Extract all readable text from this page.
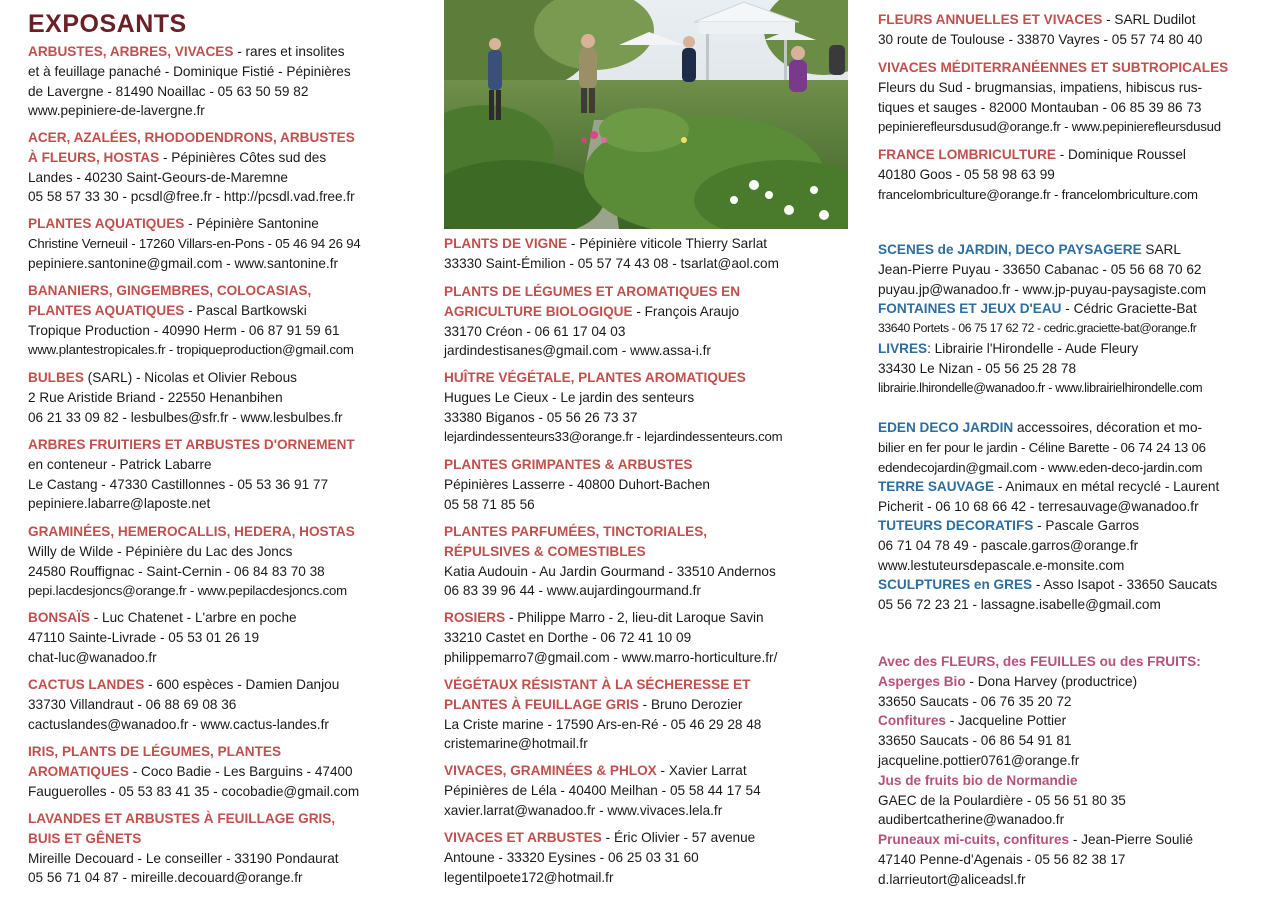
EXPOSANTS
ARBUSTES, ARBRES, VIVACES - rares et insolites
et à feuillage panaché - Dominique Fistié - Pépinières
de Lavergne - 81490 Noaillac - 05 63 50 59 82
www.pepiniere-de-lavergne.fr
ACER, AZALÉES, RHODODENDRONS, ARBUSTES
À FLEURS, HOSTAS - Pépinières Côtes sud des
Landes - 40230 Saint-Geours-de-Maremne
05 58 57 33 30 - pcsdl@free.fr - http://pcsdl.vad.free.fr
PLANTES AQUATIQUES - Pépinière Santonine
Christine Verneuil - 17260 Villars-en-Pons - 05 46 94 26 94
pepiniere.santonine@gmail.com - www.santonine.fr
BANANIERS, GINGEMBRES, COLOCASIAS,
PLANTES AQUATIQUES - Pascal Bartkowski
Tropique Production - 40990 Herm - 06 87 91 59 61
www.plantestropicales.fr - tropiqueproduction@gmail.com
BULBES (SARL) - Nicolas et Olivier Rebous
2 Rue Aristide Briand - 22550 Henanbihen
06 21 33 09 82 - lesbulbes@sfr.fr - www.lesbulbes.fr
ARBRES FRUITIERS ET ARBUSTES D'ORNEMENT
en conteneur - Patrick Labarre
Le Castang - 47330 Castillonnes - 05 53 36 91 77
pepiniere.labarre@laposte.net
GRAMINÉES, HEMEROCALLIS, HEDERA, HOSTAS
Willy de Wilde - Pépinière du Lac des Joncs
24580 Rouffignac - Saint-Cernin - 06 84 83 70 38
pepi.lacdesjoncs@orange.fr - www.pepilacdesjoncs.com
BONSAÏS - Luc Chatenet - L'arbre en poche
47110 Sainte-Livrade - 05 53 01 26 19
chat-luc@wanadoo.fr
CACTUS LANDES - 600 espèces - Damien Danjou
33730 Villandraut - 06 88 69 08 36
cactuslandes@wanadoo.fr - www.cactus-landes.fr
IRIS, PLANTS DE LÉGUMES, PLANTES
AROMATIQUES - Coco Badie - Les Barguins - 47400
Fauguerolles - 05 53 83 41 35 - cocobadie@gmail.com
LAVANDES ET ARBUSTES À FEUILLAGE GRIS,
BUIS ET GÊNETS
Mireille Decouard - Le conseiller - 33190 Pondaurat
05 56 71 04 87 - mireille.decouard@orange.fr
PLANTS DE VIGNE - Pépinière viticole Thierry Sarlat
33330 Saint-Émilion - 05 57 74 43 08 - tsarlat@aol.com
PLANTS DE LÉGUMES ET AROMATIQUES EN
AGRICULTURE BIOLOGIQUE - François Araujo
33170 Créon - 06 61 17 04 03
jardindestisanes@gmail.com - www.assa-i.fr
HUÎTRE VÉGÉTALE, PLANTES AROMATIQUES
Hugues Le Cieux - Le jardin des senteurs
33380 Biganos - 05 56 26 73 37
lejardindessenteurs33@orange.fr - lejardindessenteurs.com
PLANTES GRIMPANTES & ARBUSTES
Pépinières Lasserre - 40800 Duhort-Bachen
05 58 71 85 56
PLANTES PARFUMÉES, TINCTORIALES,
RÉPULSIVES & COMESTIBLES
Katia Audouin - Au Jardin Gourmand - 33510 Andernos
06 83 39 96 44 - www.aujardingourmand.fr
ROSIERS - Philippe Marro - 2, lieu-dit Laroque Savin
33210 Castet en Dorthe - 06 72 41 10 09
philippemarro7@gmail.com - www.marro-horticulture.fr/
VÉGÉTAUX RÉSISTANT À LA SÉCHERESSE ET
PLANTES À FEUILLAGE GRIS - Bruno Derozier
La Criste marine - 17590 Ars-en-Ré - 05 46 29 28 48
cristemarine@hotmail.fr
VIVACES, GRAMINÉES & PHLOX - Xavier Larrat
Pépinières de Léla - 40400 Meilhan - 05 58 44 17 54
xavier.larrat@wanadoo.fr - www.vivaces.lela.fr
VIVACES ET ARBUSTES - Éric Olivier - 57 avenue
Antoune - 33320 Eysines - 06 25 03 31 60
legentilpoete172@hotmail.fr
FLEURS ANNUELLES ET VIVACES - SARL Dudilot
30 route de Toulouse - 33870 Vayres - 05 57 74 80 40
VIVACES MÉDITERRANÉENNES ET SUBTROPICALES
Fleurs du Sud - brugmansias, impatiens, hibiscus rus-
tiques et sauges - 82000 Montauban - 06 85 39 86 73
pepinierefleursdusud@orange.fr - www.pepinierefleursdusud
FRANCE LOMBRICULTURE - Dominique Roussel
40180 Goos - 05 58 98 63 99
francelombriculture@orange.fr - francelombriculture.com
SCENES de JARDIN, DECO PAYSAGERE SARL
Jean-Pierre Puyau - 33650 Cabanac - 05 56 68 70 62
puyau.jp@wanadoo.fr - www.jp-puyau-paysagiste.com
FONTAINES ET JEUX D'EAU - Cédric Graciette-Bat
33640 Portets - 06 75 17 62 72 - cedric.graciette-bat@orange.fr
LIVRES: Librairie l'Hirondelle - Aude Fleury
33430 Le Nizan - 05 56 25 28 78
librairie.lhirondelle@wanadoo.fr - www.librairielhirondelle.com
EDEN DECO JARDIN accessoires, décoration et mo-
bilier en fer pour le jardin - Céline Barette - 06 74 24 13 06
edendecojardin@gmail.com - www.eden-deco-jardin.com
TERRE SAUVAGE - Animaux en métal recyclé - Laurent
Picherit - 06 10 68 66 42 - terresauvage@wanadoo.fr
TUTEURS DECORATIFS - Pascale Garros
06 71 04 78 49 - pascale.garros@orange.fr
www.lestuteursdepascale.e-monsite.com
SCULPTURES en GRES - Asso Isapot - 33650 Saucats
05 56 72 23 21 - lassagne.isabelle@gmail.com
Avec des FLEURS, des FEUILLES ou des FRUITS:
Asperges Bio - Dona Harvey (productrice)
33650 Saucats - 06 76 35 20 72
Confitures - Jacqueline Pottier
33650 Saucats - 06 86 54 91 81
jacqueline.pottier0761@orange.fr
Jus de fruits bio de Normandie
GAEC de la Poulardière - 05 56 51 80 35
audibertcatherine@wanadoo.fr
Pruneaux mi-cuits, confitures - Jean-Pierre Soulié
47140 Penne-d'Agenais - 05 56 82 38 17
d.larrieutort@aliceadsl.fr
